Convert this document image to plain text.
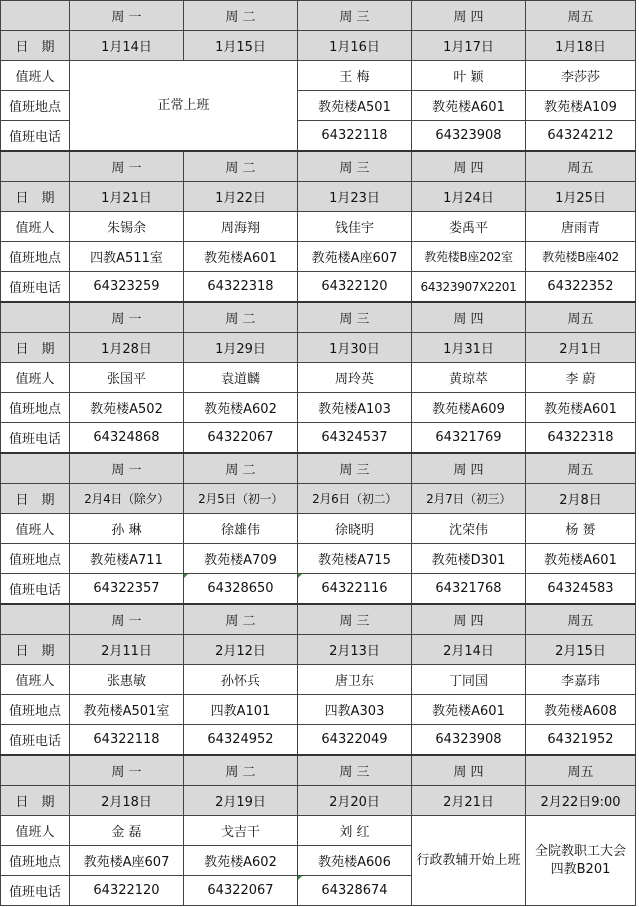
	周 一	周 二	周 三	周 四	周五
日　期	1月14日	1月15日	1月16日	1月17日	1月18日
值班人	正常上班		王 梅	叶 颖	李莎莎
值班地点			教苑楼A501	教苑楼A601	教苑楼A109
值班电话			64322118	64323908	64324212
	周 一	周 二	周 三	周 四	周五
日　期	1月21日	1月22日	1月23日	1月24日	1月25日
值班人	朱锡余	周海翔	钱佳宇	娄禹平	唐雨青
值班地点	四教A511室	教苑楼A601	教苑楼A座607	教苑楼B座202室	教苑楼B座402
值班电话	64323259	64322318	64322120	64323907X2201	64322352
	周 一	周 二	周 三	周 四	周五
日　期	1月28日	1月29日	1月30日	1月31日	2月1日
值班人	张国平	袁道麟	周玲英	黄琼萃	李 蔚
值班地点	教苑楼A502	教苑楼A602	教苑楼A103	教苑楼A609	教苑楼A601
值班电话	64324868	64322067	64324537	64321769	64322318
	周 一	周 二	周 三	周 四	周五
日　期	2月4日（除夕）	2月5日（初一）	2月6日（初二）	2月7日（初三）	2月8日
值班人	孙 琳	徐雄伟	徐晓明	沈荣伟	杨 赟
值班地点	教苑楼A711	教苑楼A709	教苑楼A715	教苑楼D301	教苑楼A601
值班电话	64322357	64328650	64322116	64321768	64324583
	周 一	周 二	周 三	周 四	周五
日　期	2月11日	2月12日	2月13日	2月14日	2月15日
值班人	张惠敏	孙怀兵	唐卫东	丁同国	李嘉玮
值班地点	教苑楼A501室	四教A101	四教A303	教苑楼A601	教苑楼A608
值班电话	64322118	64324952	64322049	64323908	64321952
	周 一	周 二	周 三	周 四	周五
日　期	2月18日	2月19日	2月20日	2月21日	2月22日9:00
值班人	金 磊	戈吉干	刘 红	行政教辅开始上班	全院教职工大会
四教B201
值班地点	教苑楼A座607	教苑楼A602	教苑楼A606		
值班电话	64322120	64322067	64328674		
